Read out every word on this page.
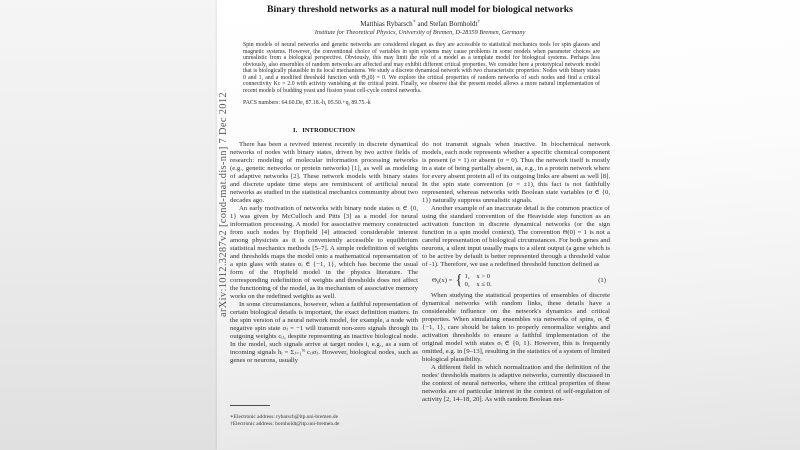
arXiv:1012.3287v2 [cond-mat.dis-nn] 7 Dec 2012
Binary threshold networks as a natural null model for biological networks
Matthias Rybarsch∗ and Stefan Bornholdt†
Institute for Theoretical Physics, University of Bremen, D-28359 Bremen, Germany
Spin models of neural networks and genetic networks are considered elegant as they are accessible to statistical mechanics tools for spin glasses and magnetic systems. However, the conventional choice of variables in spin systems may cause problems in some models when parameter choices are unrealistic from a biological perspective. Obviously, this may limit the role of a model as a template model for biological systems. Perhaps less obviously, also ensembles of random networks are affected and may exhibit different critical properties. We consider here a prototypical network model that is biologically plausible in its local mechanisms. We study a discrete dynamical network with two characteristic properties: Nodes with binary states 0 and 1, and a modified threshold function with Θ₀(0) = 0. We explore the critical properties of random networks of such nodes and find a critical connectivity Kc = 2.0 with activity vanishing at the critical point. Finally, we observe that the present model allows a more natural implementation of recent models of budding yeast and fission yeast cell-cycle control networks.
PACS numbers: 64.60.De, 87.18.-h, 05.50.+q, 89.75.-k
I. INTRODUCTION

There has been a revived interest recently in discrete dynamical networks of nodes with binary states, driven by two active fields of research: modeling of molecular information processing networks (e.g., genetic networks or protein networks) [1], as well as modeling of adaptive networks [2]. These network models with binary states and discrete update time steps are reminiscent of artificial neural networks as studied in the statistical mechanics community about two decades ago.

An early motivation of networks with binary node states σᵢ ∈ {0, 1} was given by McCulloch and Pitts [3] as a model for neural information processing. A model for associative memory constructed from such nodes by Hopfield [4] attracted considerable interest among physicists as it is conveniently accessible to equilibrium statistical mechanics methods [5–7]. A simple redefinition of weights and thresholds maps the model onto a mathematical representation of a spin glass with states σᵢ ∈ {−1, 1}, which has become the usual form of the Hopfield model in the physics literature. The corresponding redefinition of weights and thresholds does not affect the functioning of the model, as its mechanism of associative memory works on the redefined weights as well.

In some circumstances, however, when a faithful representation of certain biological details is important, the exact definition matters. In the spin version of a neural network model, for example, a node with negative spin state σⱼ = −1 will transmit non-zero signals through its outgoing weights cᵢⱼ, despite representing an inactive biological node. In the model, such signals arrive at target nodes i, e.g., as a sum of incoming signals hᵢ = Σⱼ₌₁ᴺ cᵢⱼσⱼ. However, biological nodes, such as genes or neurons, usually

do not transmit signals when inactive. In biochemical network models, each node represents whether a specific chemical component is present (σ = 1) or absent (σ = 0). Thus the network itself is mostly in a state of being partially absent, as, e.g., in a protein network where for every absent protein all of its outgoing links are absent as well [8]. In the spin state convention (σ = ±1), this fact is not faithfully represented, whereas networks with Boolean state variables (σ ∈ {0, 1}) naturally suppress unrealistic signals.

Another example of an inaccurate detail is the common practice of using the standard convention of the Heaviside step function as an activation function in discrete dynamical networks (or the sign function in a spin model context). The convention Θ(0) = 1 is not a careful representation of biological circumstances. For both genes and neurons, a silent input usually maps to a silent output (a gene which is to be active by default is better represented through a threshold value of -1). Therefore, we use a redefined threshold function defined as

Θ₀(x) = { 1,    x > 0
0,    x ≤ 0.	(1)

When studying the statistical properties of ensembles of discrete dynamical networks with random links, these details have a considerable influence on the network's dynamics and critical properties. When simulating ensembles via networks of spins, σᵢ ∈ {−1, 1}, care should be taken to properly renormalize weights and activation thresholds to ensure a faithful implementation of the original model with states σᵢ ∈ {0, 1}. However, this is frequently omitted, e.g. in [9–13], resulting in the statistics of a system of limited biological plausibility.

A different field in which normalization and the definition of the nodes' thresholds matters is adaptive networks, currently discussed in the context of neural networks, where the critical properties of these networks are of particular interest in the context of self-regulation of activity [2, 14–18, 20]. As with random Boolean net-

∗Electronic address: rybarsch@itp.uni-bremen.de
†Electronic address: bornholdt@itp.uni-bremen.de
